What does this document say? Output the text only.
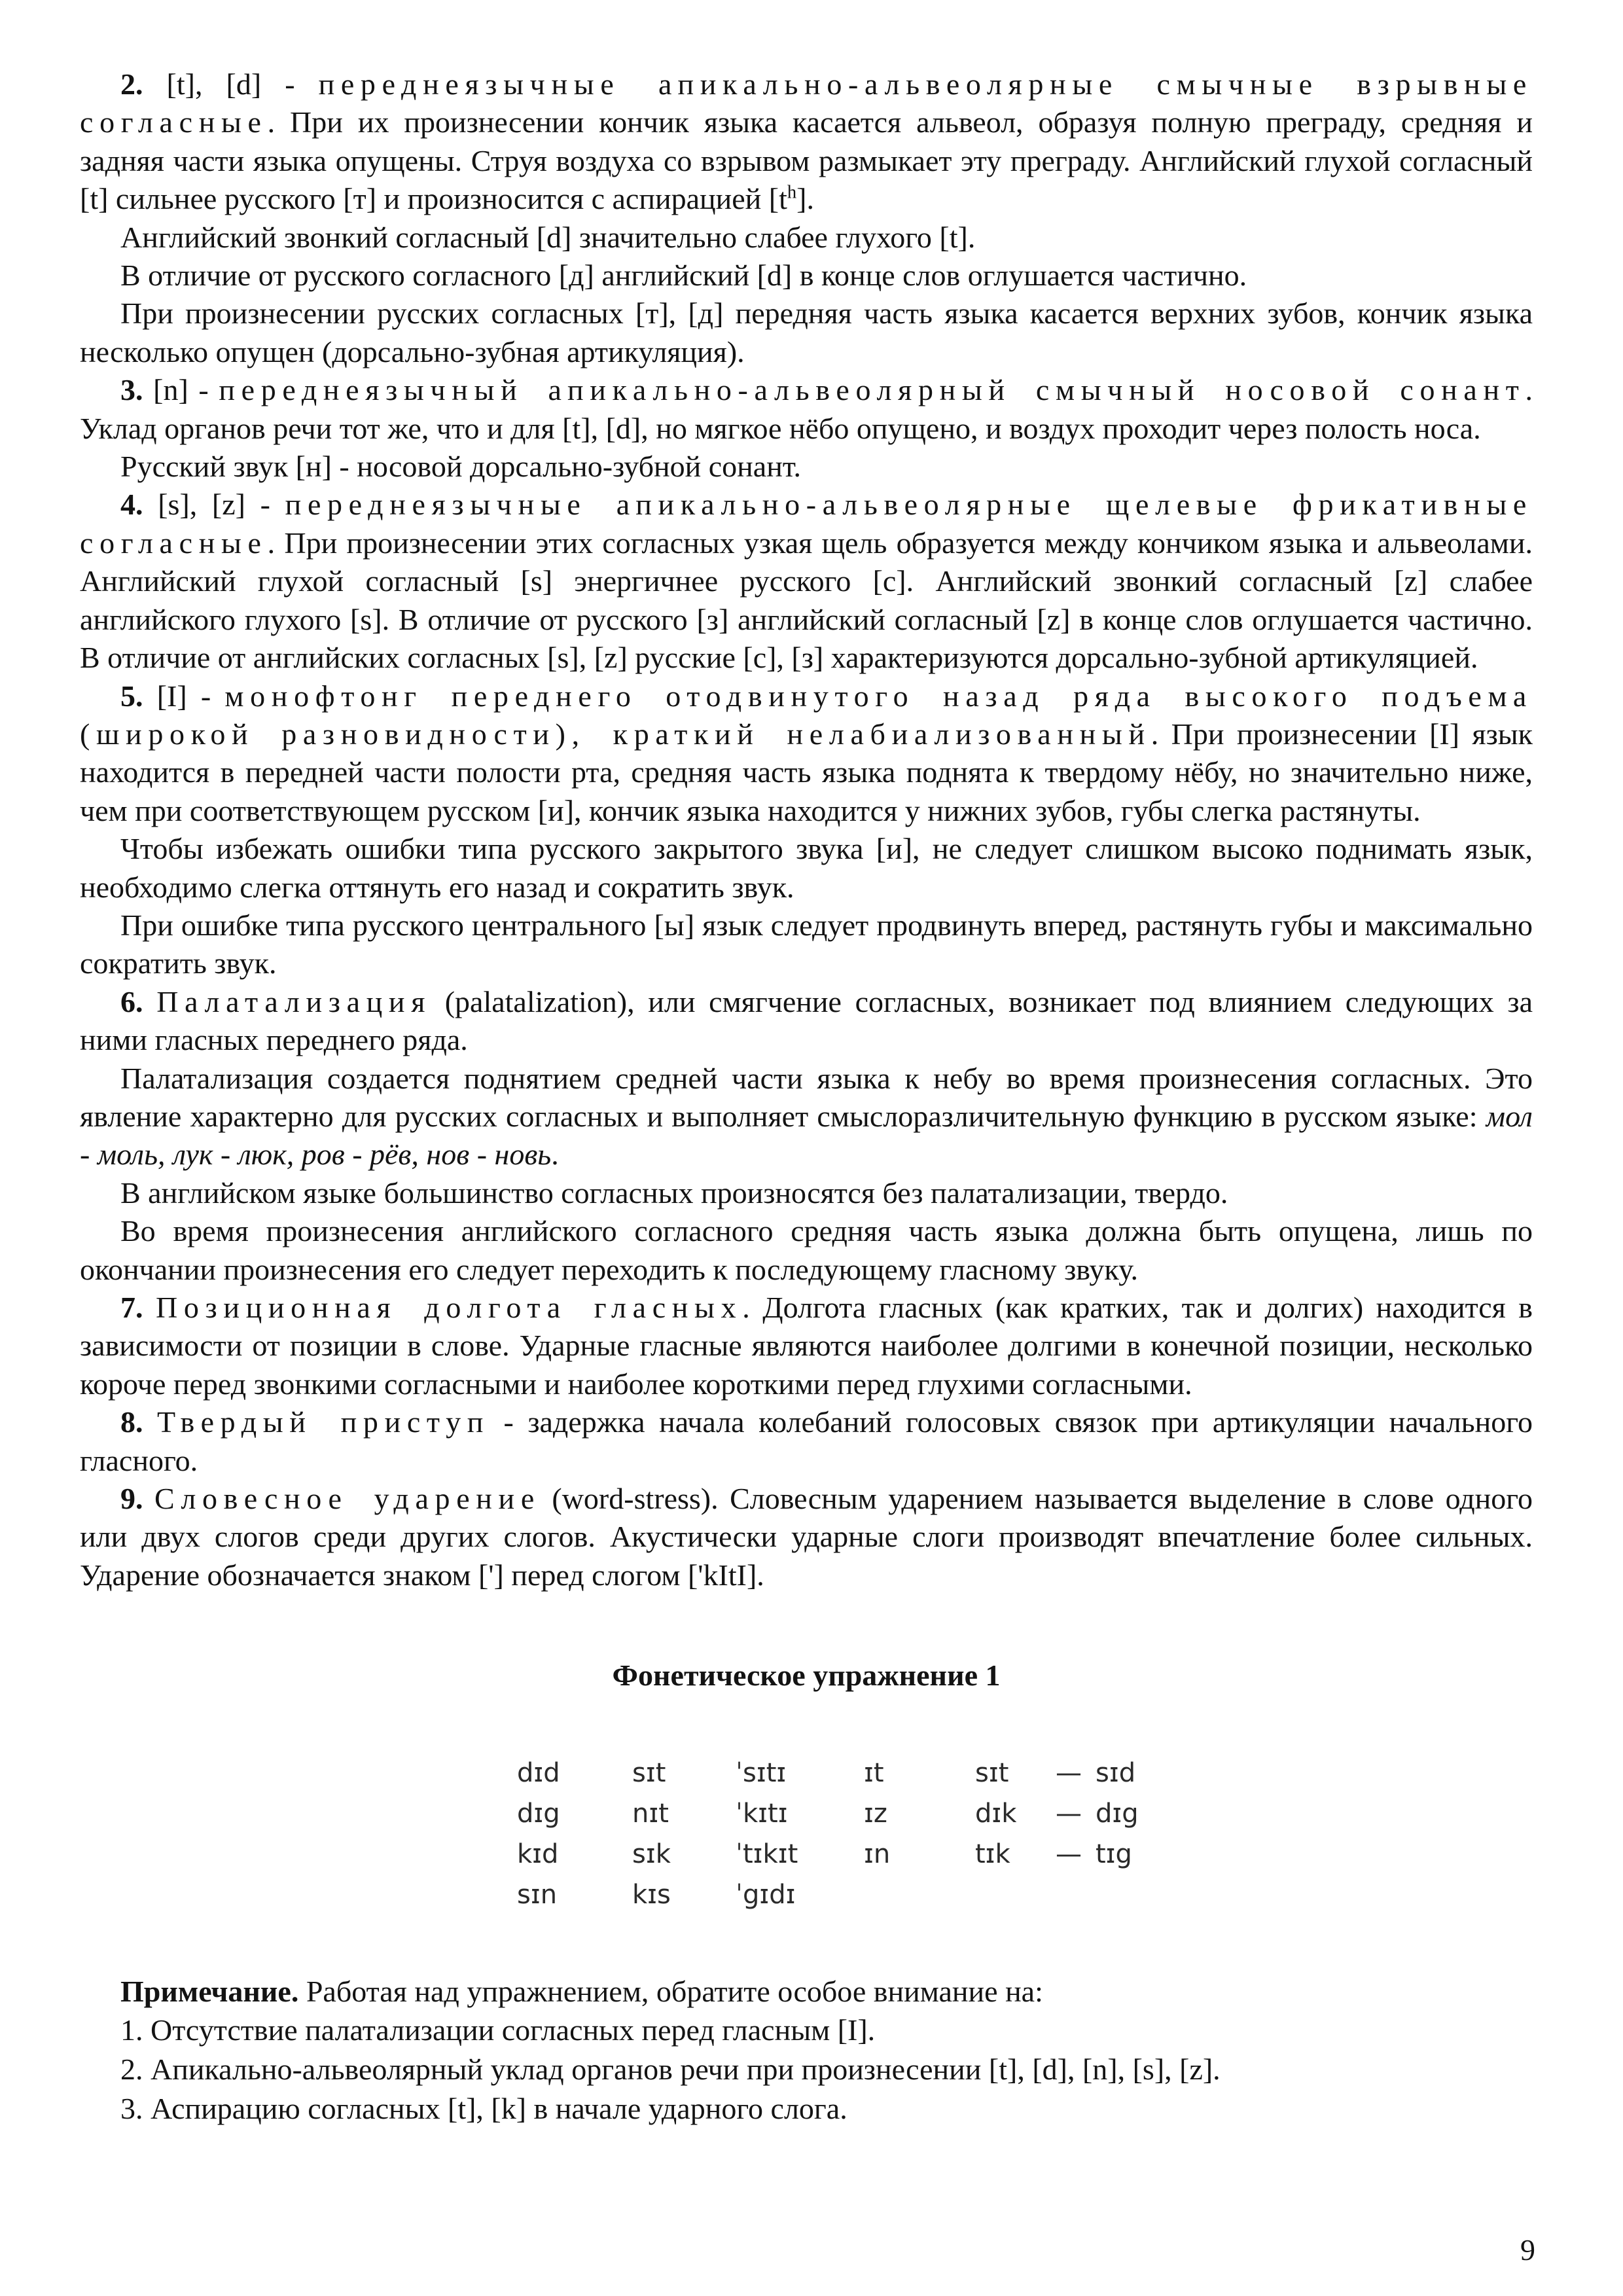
2. [t], [d] - переднеязычные апикально-альвеолярные смычные взрывные согласные. При их произнесении кончик языка касается альвеол, образуя полную преграду, средняя и задняя части языка опущены. Струя воздуха со взрывом размыкает эту преграду. Английский глухой согласный [t] сильнее русского [т] и произносится с аспирацией $[t^h]$.

Английский звонкий согласный [d] значительно слабее глухого [t].

В отличие от русского согласного [д] английский [d] в конце слов оглушается частично.

При произнесении русских согласных [т], [д] передняя часть языка касается верхних зубов, кончик языка несколько опущен (дорсально-зубная артикуляция).

3. [n] - переднеязычный апикально-альвеолярный смычный носовой сонант. Уклад органов речи тот же, что и для [t], [d], но мягкое нёбо опущено, и воздух проходит через полость носа.

Русский звук [н] - носовой дорсально-зубной сонант.

4. [s], [z] - переднеязычные апикально-альвеолярные щелевые фрикативные согласные. При произнесении этих согласных узкая щель образуется между кончиком языка и альвеолами. Английский глухой согласный [s] энергичнее русского [с]. Английский звонкий согласный [z] слабее английского глухого [s]. В отличие от русского [з] английский согласный [z] в конце слов оглушается частично. В отличие от английских согласных [s], [z] русские [с], [з] характеризуются дорсально-зубной артикуляцией.

5. [I] - монофтонг переднего отодвинутого назад ряда высокого подъема (широкой разновидности), краткий нелабиализованный. При произнесении [I] язык находится в передней части полости рта, средняя часть языка поднята к твердому нёбу, но значительно ниже, чем при соответствующем русском [и], кончик языка находится у нижних зубов, губы слегка растянуты.

Чтобы избежать ошибки типа русского закрытого звука [и], не следует слишком высоко поднимать язык, необходимо слегка оттянуть его назад и сократить звук.

При ошибке типа русского центрального [ы] язык следует продвинуть вперед, растянуть губы и максимально сократить звук.

6. Палатализация (palatalization), или смягчение согласных, возникает под влиянием следующих за ними гласных переднего ряда.

Палатализация создается поднятием средней части языка к небу во время произнесения согласных. Это явление характерно для русских согласных и выполняет смыслоразличительную функцию в русском языке: мол - моль, лук - люк, ров - рёв, нов - новь.

В английском языке большинство согласных произносятся без палатализации, твердо.

Во время произнесения английского согласного средняя часть языка должна быть опущена, лишь по окончании произнесения его следует переходить к последующему гласному звуку.

7. Позиционная долгота гласных. Долгота гласных (как кратких, так и долгих) находится в зависимости от позиции в слове. Ударные гласные являются наиболее долгими в конечной позиции, несколько короче перед звонкими согласными и наиболее короткими перед глухими согласными.

8. Твердый приступ - задержка начала колебаний голосовых связок при артикуляции начального гласного.

9. Словесное ударение (word-stress). Словесным ударением называется выделение в слове одного или двух слогов среди других слогов. Акустически ударные слоги производят впечатление более сильных. Ударение обозначается знаком ['] перед слогом ['kItI].

Фонетическое упражнение 1
dɪd	sɪt	ˈsɪtɪ	ɪt	sɪt	— sɪd
dɪg	nɪt	ˈkɪtɪ	ɪz	dɪk	— dɪg
kɪd	sɪk	ˈtɪkɪt	ɪn	tɪk	— tɪg
sɪn	kɪs	ˈgɪdɪ

Примечание. Работая над упражнением, обратите особое внимание на:

1. Отсутствие палатализации согласных перед гласным [I].

2. Апикально-альвеолярный уклад органов речи при произнесении [t], [d], [n], [s], [z].

3. Аспирацию согласных [t], [k] в начале ударного слога.

9
